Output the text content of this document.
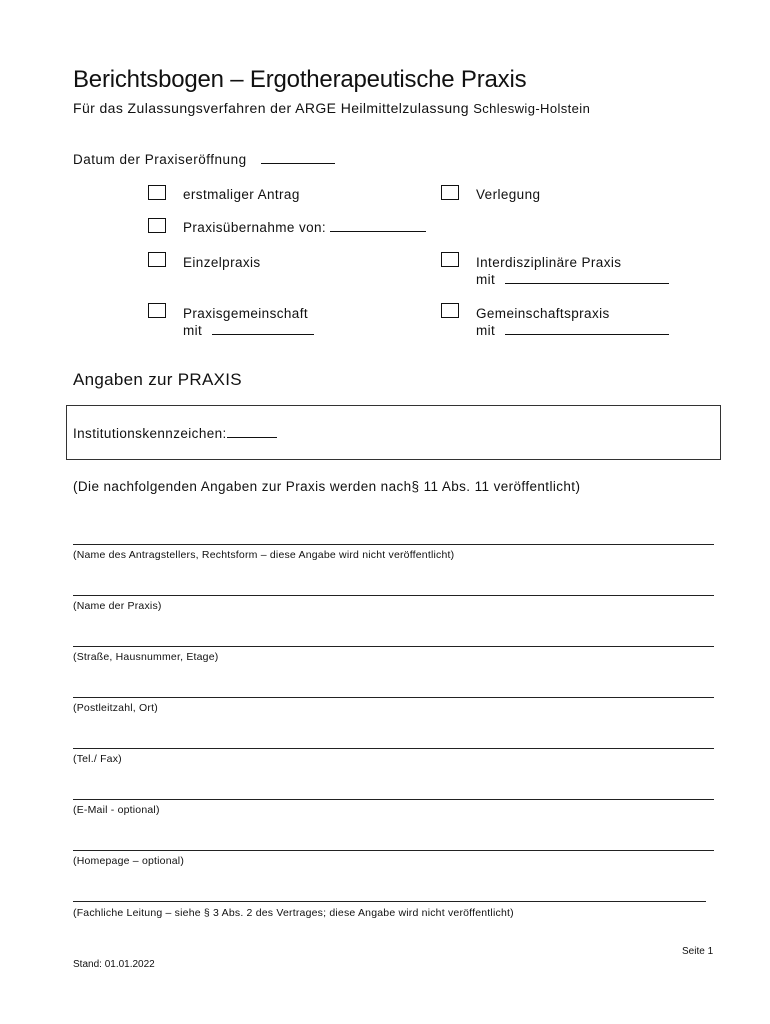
Berichtsbogen – Ergotherapeutische Praxis
Für das Zulassungsverfahren der ARGE Heilmittelzulassung Schleswig-Holstein
Datum der Praxiseröffnung
erstmaliger Antrag	Verlegung
Praxisübernahme von:
Einzelpraxis	Interdisziplinäre Praxis
mit
Praxisgemeinschaft
mit
Gemeinschaftspraxis
mit
Angaben zur PRAXIS
Institutionskennzeichen:
(Die nachfolgenden Angaben zur Praxis werden nach§ 11 Abs. 11 veröffentlicht)
(Name des Antragstellers, Rechtsform – diese Angabe wird nicht veröffentlicht)
(Name der Praxis)
(Straße, Hausnummer, Etage)
(Postleitzahl, Ort)
(Tel./ Fax)
(E-Mail - optional)
(Homepage – optional)
(Fachliche Leitung – siehe § 3 Abs. 2 des Vertrages; diese Angabe wird nicht veröffentlicht)
Seite 1
Stand: 01.01.2022
